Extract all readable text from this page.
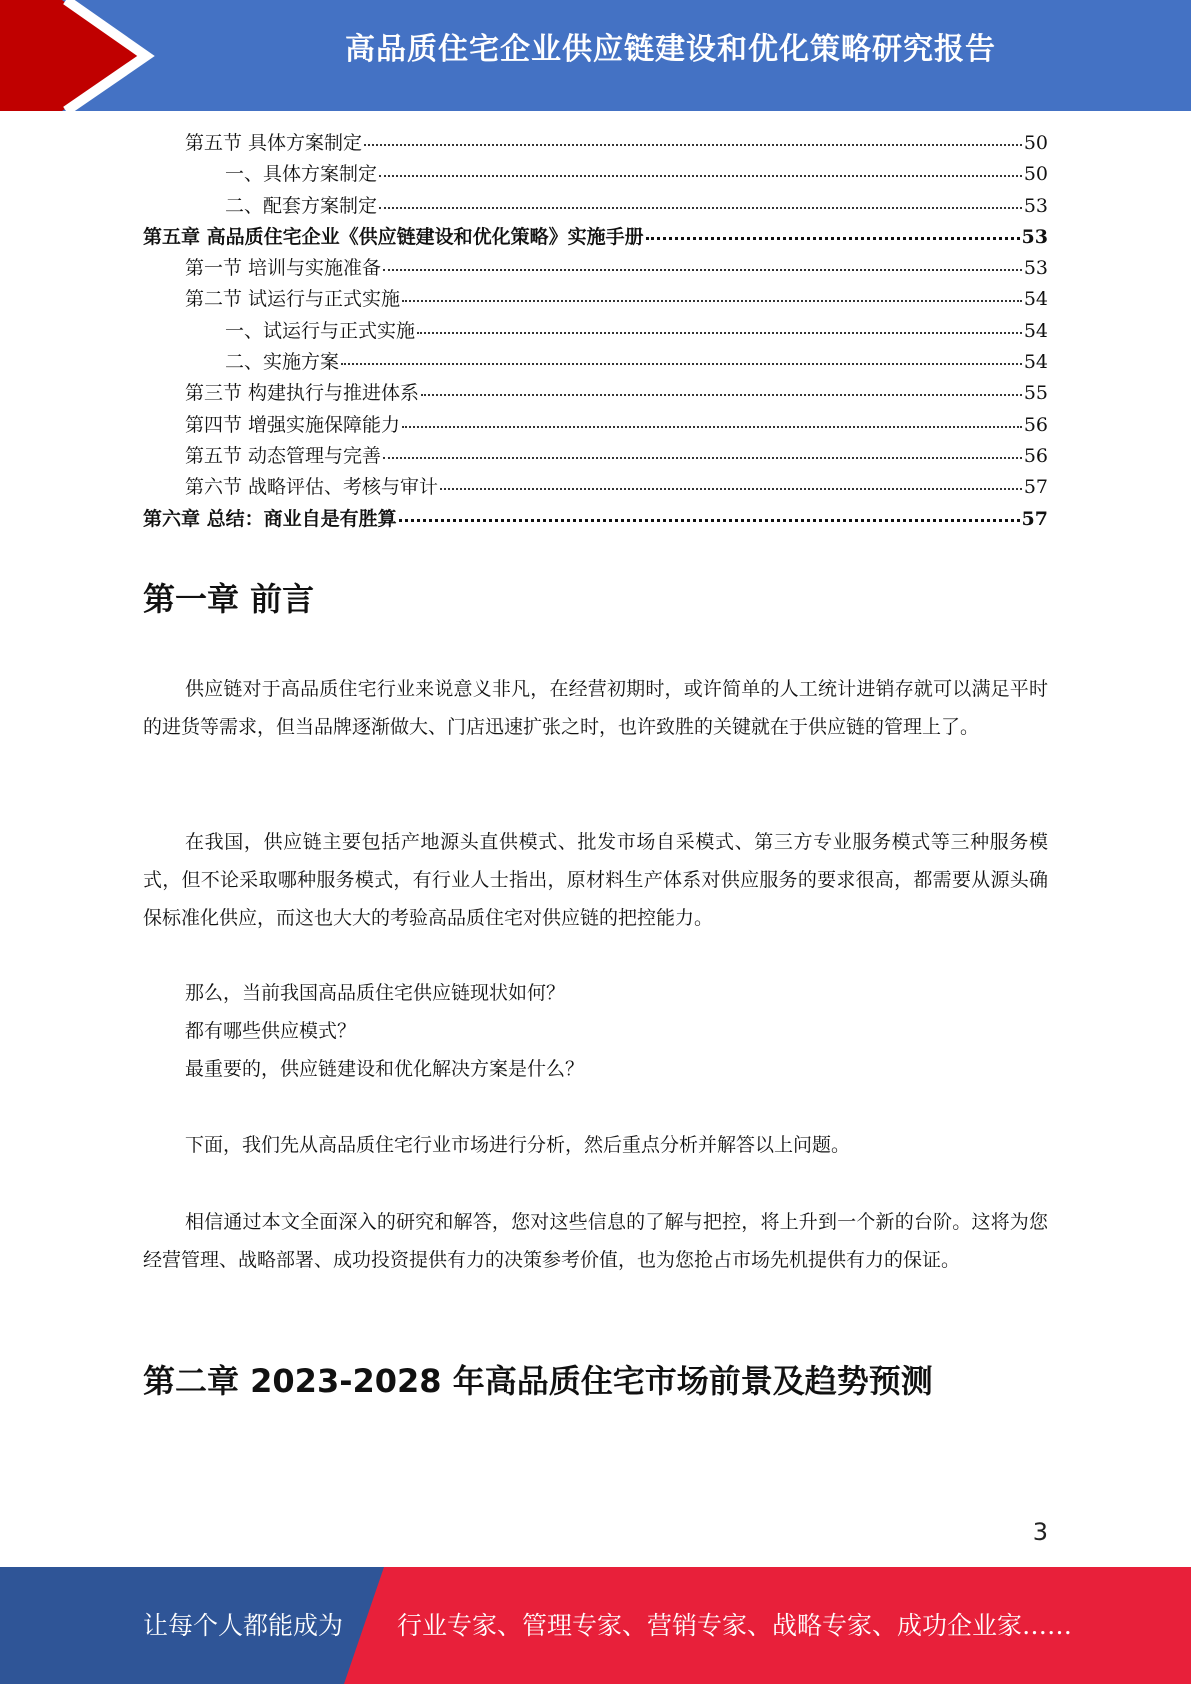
高品质住宅企业供应链建设和优化策略研究报告
第五节 具体方案制定	50
一、具体方案制定	50
二、配套方案制定	53
第五章 高品质住宅企业《供应链建设和优化策略》实施手册	53
第一节 培训与实施准备	53
第二节 试运行与正式实施	54
一、试运行与正式实施	54
二、实施方案	54
第三节 构建执行与推进体系	55
第四节 增强实施保障能力	56
第五节 动态管理与完善	56
第六节 战略评估、考核与审计	57
第六章 总结：商业自是有胜算	57
第一章 前言
供应链对于高品质住宅行业来说意义非凡，在经营初期时，或许简单的人工统计进销存就可以满足平时的进货等需求，但当品牌逐渐做大、门店迅速扩张之时，也许致胜的关键就在于供应链的管理上了。
在我国，供应链主要包括产地源头直供模式、批发市场自采模式、第三方专业服务模式等三种服务模式，但不论采取哪种服务模式，有行业人士指出，原材料生产体系对供应服务的要求很高，都需要从源头确保标准化供应，而这也大大的考验高品质住宅对供应链的把控能力。
那么，当前我国高品质住宅供应链现状如何？
都有哪些供应模式？
最重要的，供应链建设和优化解决方案是什么？
下面，我们先从高品质住宅行业市场进行分析，然后重点分析并解答以上问题。
相信通过本文全面深入的研究和解答，您对这些信息的了解与把控，将上升到一个新的台阶。这将为您经营管理、战略部署、成功投资提供有力的决策参考价值，也为您抢占市场先机提供有力的保证。
第二章 2023-2028 年高品质住宅市场前景及趋势预测
3
让每个人都能成为 行业专家、管理专家、营销专家、战略专家、成功企业家……
